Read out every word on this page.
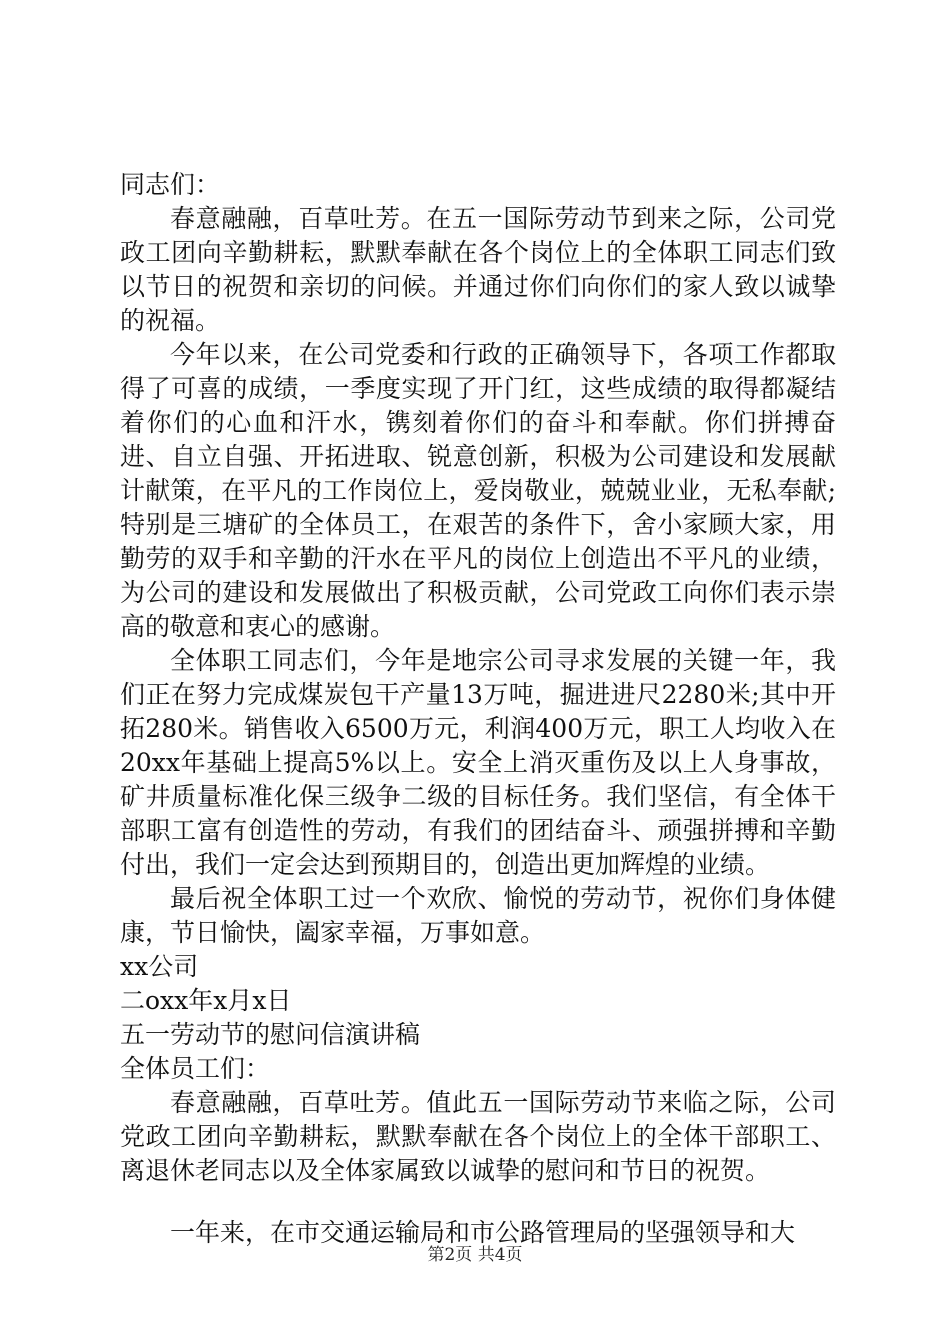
同志们：

春意融融，百草吐芳。在五一国际劳动节到来之际，公司党政工团向辛勤耕耘，默默奉献在各个岗位上的全体职工同志们致以节日的祝贺和亲切的问候。并通过你们向你们的家人致以诚挚的祝福。

今年以来，在公司党委和行政的正确领导下，各项工作都取得了可喜的成绩，一季度实现了开门红，这些成绩的取得都凝结着你们的心血和汗水，镌刻着你们的奋斗和奉献。你们拼搏奋进、自立自强、开拓进取、锐意创新，积极为公司建设和发展献计献策，在平凡的工作岗位上，爱岗敬业，兢兢业业，无私奉献;特别是三塘矿的全体员工，在艰苦的条件下，舍小家顾大家，用勤劳的双手和辛勤的汗水在平凡的岗位上创造出不平凡的业绩，为公司的建设和发展做出了积极贡献，公司党政工向你们表示崇高的敬意和衷心的感谢。

全体职工同志们，今年是地宗公司寻求发展的关键一年，我们正在努力完成煤炭包干产量13万吨，掘进进尺2280米;其中开拓280米。销售收入6500万元，利润400万元，职工人均收入在20xx年基础上提高5%以上。安全上消灭重伤及以上人身事故，矿井质量标准化保三级争二级的目标任务。我们坚信，有全体干部职工富有创造性的劳动，有我们的团结奋斗、顽强拼搏和辛勤付出，我们一定会达到预期目的，创造出更加辉煌的业绩。

最后祝全体职工过一个欢欣、愉悦的劳动节，祝你们身体健康，节日愉快，阖家幸福，万事如意。

xx公司

二oxx年x月x日

五一劳动节的慰问信演讲稿

全体员工们：

春意融融，百草吐芳。值此五一国际劳动节来临之际，公司党政工团向辛勤耕耘，默默奉献在各个岗位上的全体干部职工、离退休老同志以及全体家属致以诚挚的慰问和节日的祝贺。

一年来，在市交通运输局和市公路管理局的坚强领导和大

第2页 共4页
